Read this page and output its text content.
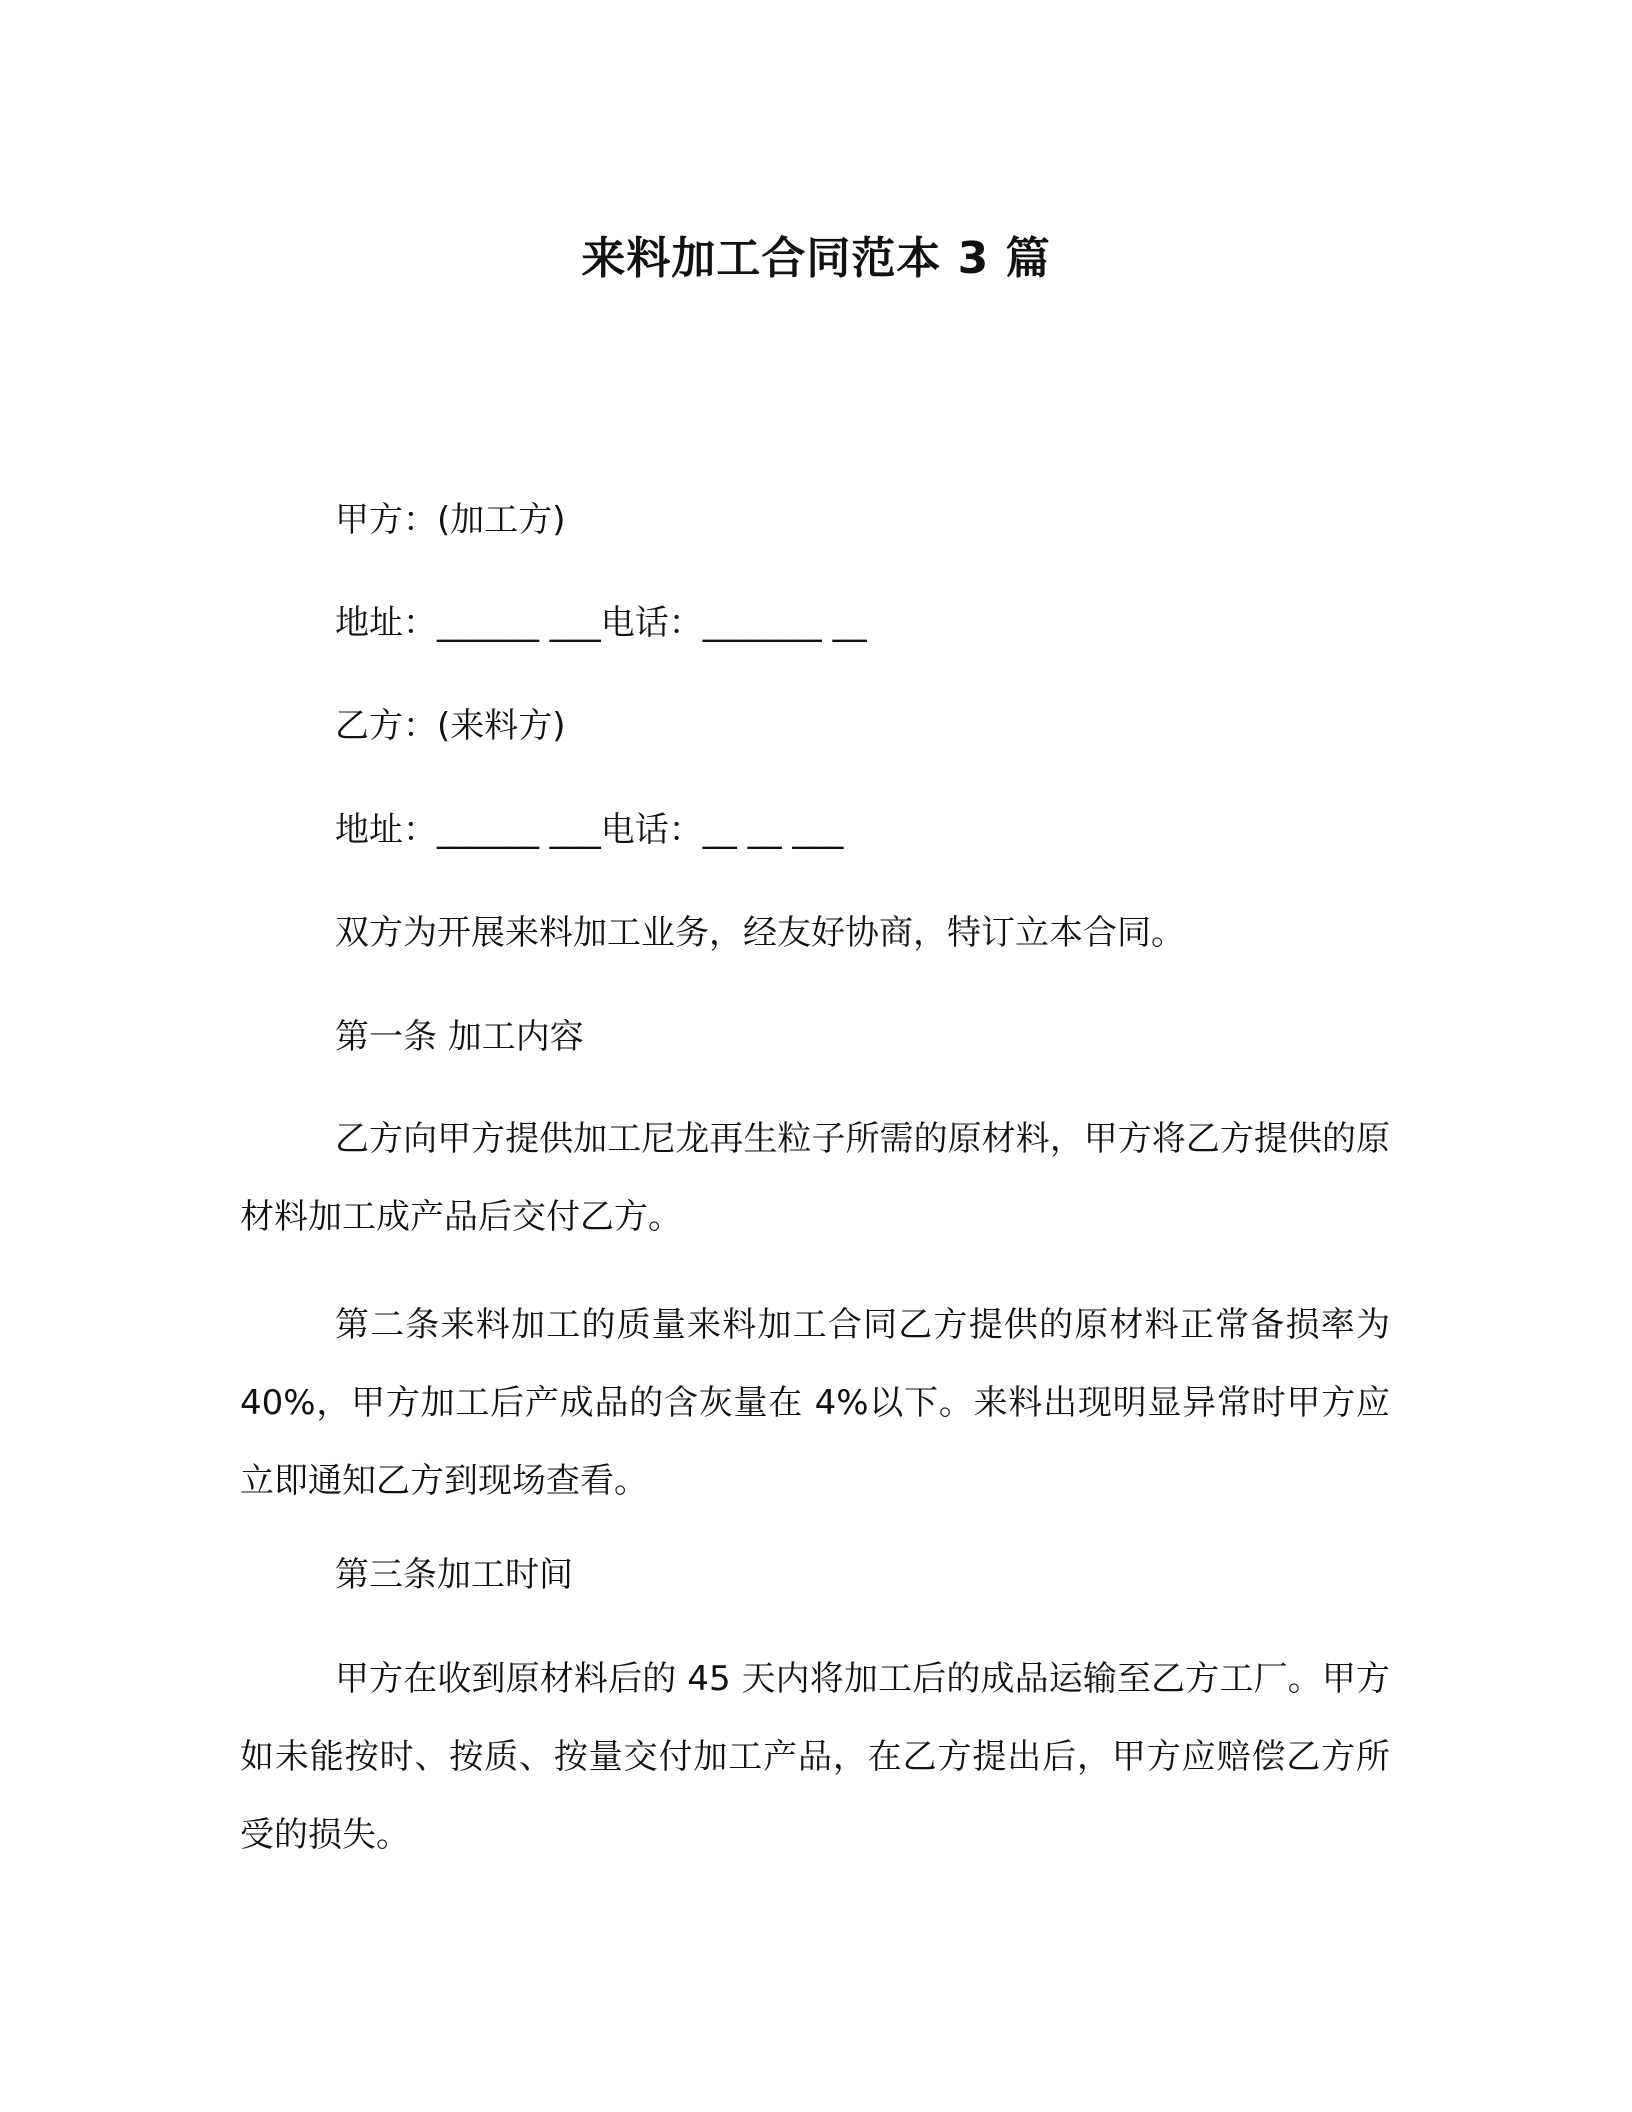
来料加工合同范本 3 篇

甲方：(加工方)

地址：______ ___电话：_______ __

乙方：(来料方)

地址：______ ___电话：__ __ ___

双方为开展来料加工业务，经友好协商，特订立本合同。

第一条 加工内容

乙方向甲方提供加工尼龙再生粒子所需的原材料，甲方将乙方提供的原材料加工成产品后交付乙方。

第二条来料加工的质量来料加工合同乙方提供的原材料正常备损率为 40%，甲方加工后产成品的含灰量在 4%以下。来料出现明显异常时甲方应立即通知乙方到现场查看。

第三条加工时间

甲方在收到原材料后的 45 天内将加工后的成品运输至乙方工厂。甲方如未能按时、按质、按量交付加工产品，在乙方提出后，甲方应赔偿乙方所受的损失。
